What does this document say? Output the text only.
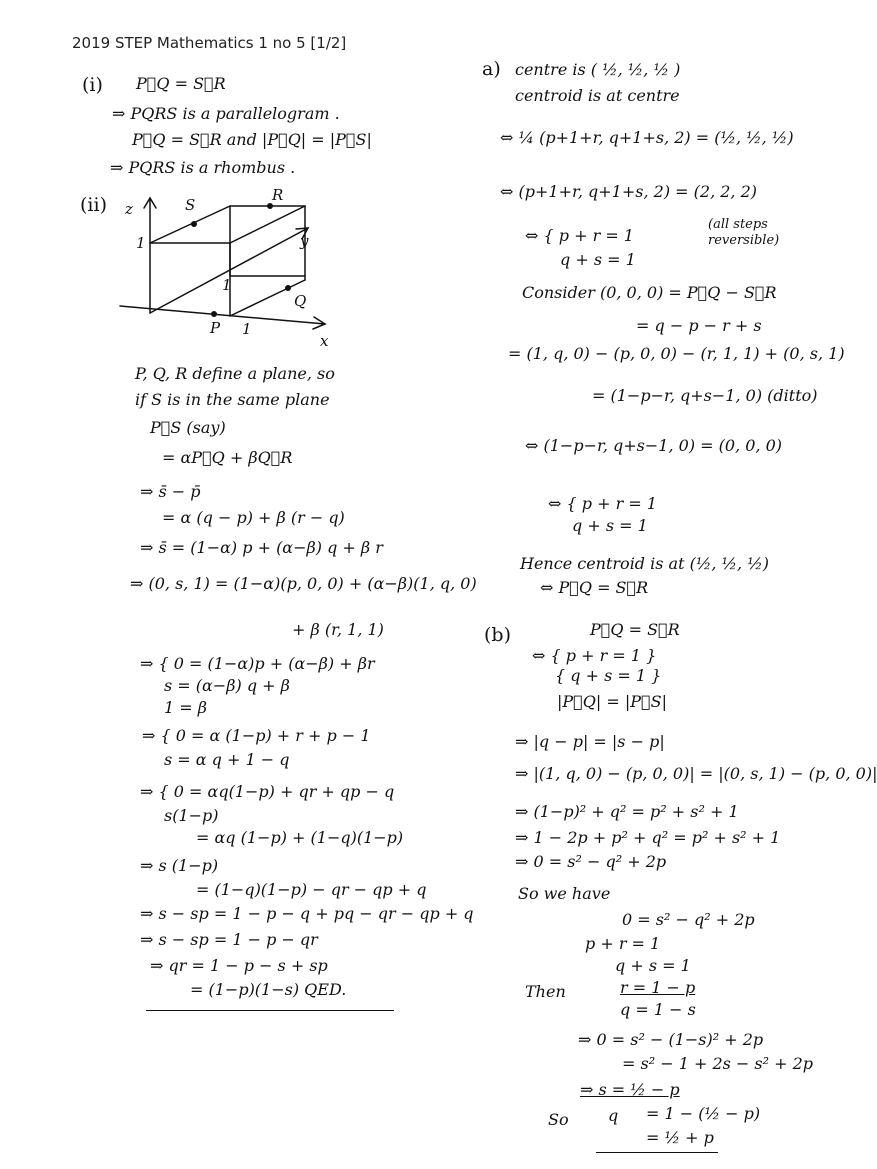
2019 STEP Mathematics 1 no 5 [1/2]
(i) P⃗Q = S⃗R
⇒ PQRS is a parallelogram .
P⃗Q = S⃗R and |P⃗Q| = |P⃗S|
⇒ PQRS is a rhombus .
(ii) z	S
R
1	y
1
Q
P 1
x
P, Q, R define a plane, so
if S is in the same plane
P⃗S (say)
= αP⃗Q + βQ⃗R
⇒ s̄ − p̄
= α (q − p) + β (r − q)
⇒ s̄ = (1−α) p + (α−β) q + β r
⇒ (0, s, 1) = (1−α)(p, 0, 0) + (α−β)(1, q, 0)
+ β (r, 1, 1)
⇒ { 0 = (1−α)p + (α−β) + βr
s = (α−β) q + β
1 = β
⇒ { 0 = α (1−p) + r + p − 1
s = α q + 1 − q
⇒ { 0 = αq(1−p) + qr + qp − q
s(1−p)
= αq (1−p) + (1−q)(1−p)
⇒ s (1−p)
= (1−q)(1−p) − qr − qp + q
⇒ s − sp = 1 − p − q + pq − qr − qp + q
⇒ s − sp = 1 − p − qr
⇒ qr = 1 − p − s + sp
= (1−p)(1−s) QED.
a) centre is ( ½, ½, ½ )
centroid is at centre
⇔ ¼ (p+1+r, q+1+s, 2) = (½, ½, ½)
⇔ (p+1+r, q+1+s, 2) = (2, 2, 2)
⇔ { p + r = 1
q + s = 1
(all steps
reversible)
Consider (0, 0, 0) = P⃗Q − S⃗R
= q − p − r + s
= (1, q, 0) − (p, 0, 0) − (r, 1, 1) + (0, s, 1)
= (1−p−r, q+s−1, 0) (ditto)
⇔ (1−p−r, q+s−1, 0) = (0, 0, 0)
⇔ { p + r = 1
q + s = 1
Hence centroid is at (½, ½, ½)
⇔ P⃗Q = S⃗R
(b)	P⃗Q = S⃗R
⇔ { p + r = 1 }
{ q + s = 1 }
|P⃗Q| = |P⃗S|
⇒ |q − p| = |s − p|
⇒ |(1, q, 0) − (p, 0, 0)| = |(0, s, 1) − (p, 0, 0)|
⇒ (1−p)² + q² = p² + s² + 1
⇒ 1 − 2p + p² + q² = p² + s² + 1
⇒ 0 = s² − q² + 2p
So we have
0 = s² − q² + 2p
p + r = 1
q + s = 1
Then	r = 1 − p
q = 1 − s
⇒ 0 = s² − (1−s)² + 2p
= s² − 1 + 2s − s² + 2p
⇒ s = ½ − p
So q = 1 − (½ − p)
= ½ + p
